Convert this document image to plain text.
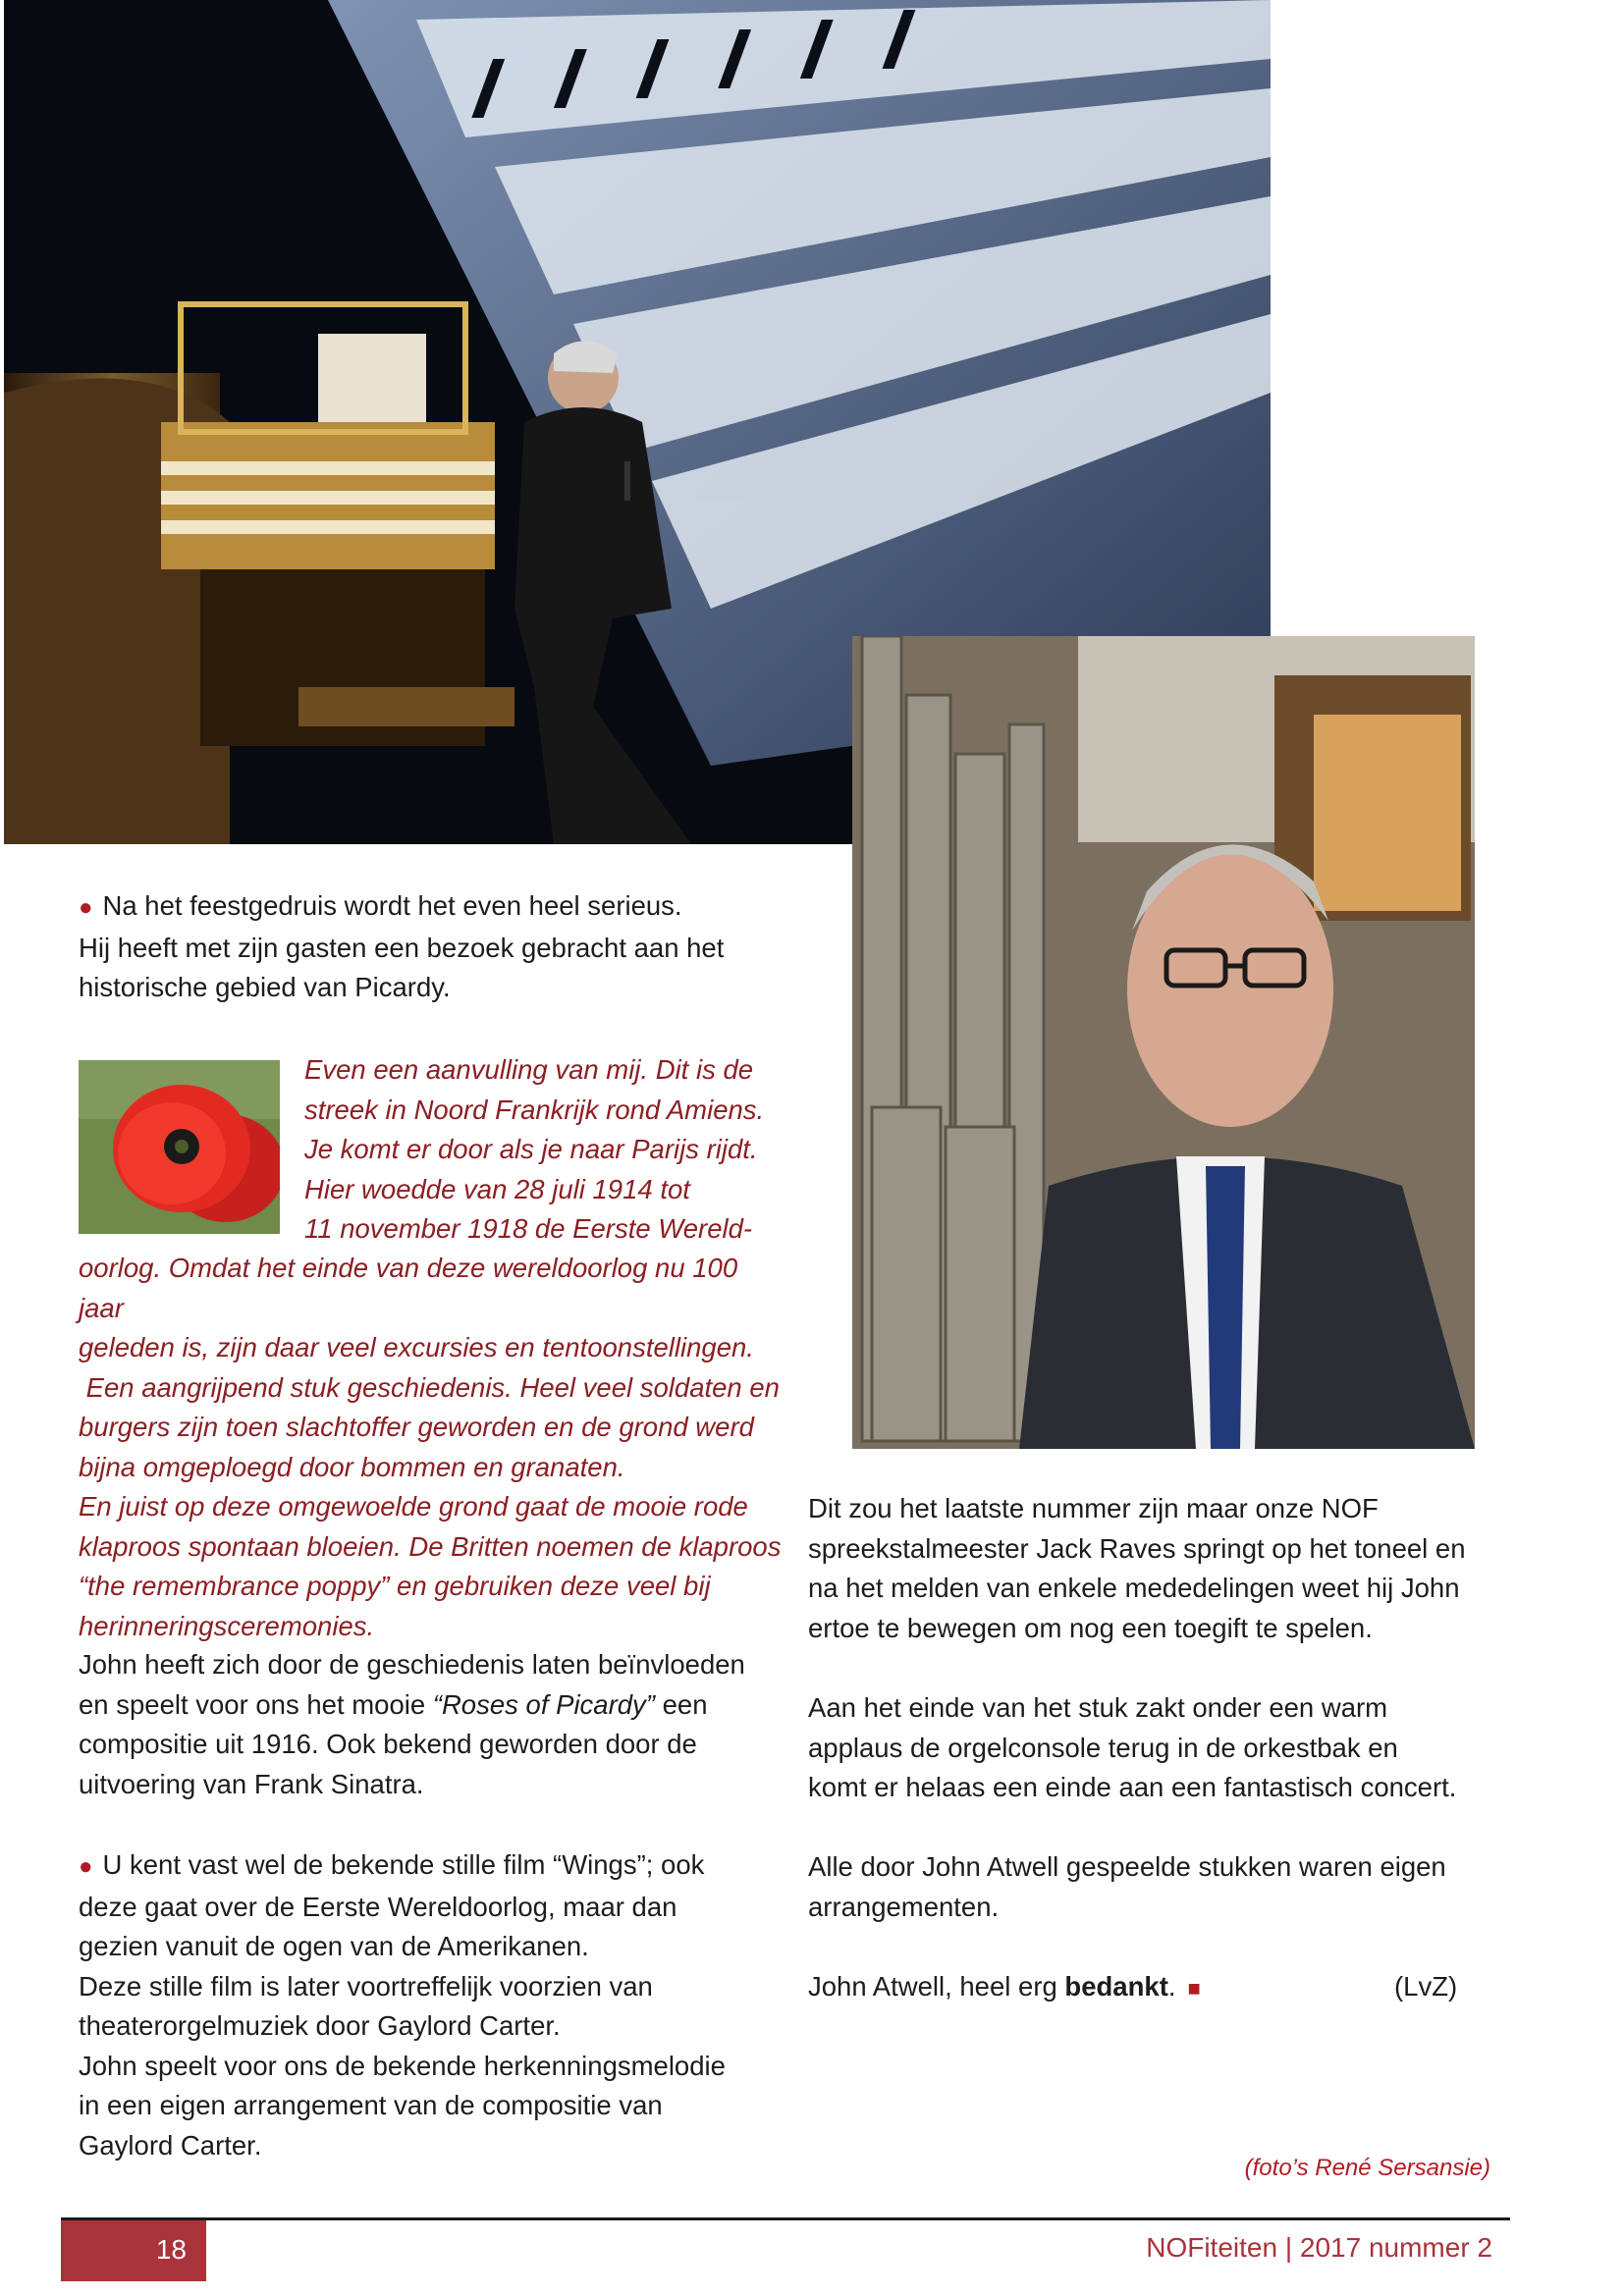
● Na het feestgedruis wordt het even heel serieus.
Hij heeft met zijn gasten een bezoek gebracht aan het
historische gebied van Picardy.
Even een aanvulling van mij. Dit is de
streek in Noord Frankrijk rond Amiens.
Je komt er door als je naar Parijs rijdt.
Hier woedde van 28 juli 1914 tot
11 november 1918 de Eerste Wereld-
oorlog. Omdat het einde van deze wereldoorlog nu 100 jaar
geleden is, zijn daar veel excursies en tentoonstellingen.
Een aangrijpend stuk geschiedenis. Heel veel soldaten en
burgers zijn toen slachtoffer geworden en de grond werd
bijna omgeploegd door bommen en granaten.
En juist op deze omgewoelde grond gaat de mooie rode
klaproos spontaan bloeien. De Britten noemen de klaproos
“the remembrance poppy” en gebruiken deze veel bij
herinneringsceremonies.
John heeft zich door de geschiedenis laten beïnvloeden
en speelt voor ons het mooie “Roses of Picardy” een
compositie uit 1916. Ook bekend geworden door de
uitvoering van Frank Sinatra.
● U kent vast wel de bekende stille film “Wings”; ook
deze gaat over de Eerste Wereldoorlog, maar dan
gezien vanuit de ogen van de Amerikanen.
Deze stille film is later voortreffelijk voorzien van
theaterorgelmuziek door Gaylord Carter.
John speelt voor ons de bekende herkenningsmelodie
in een eigen arrangement van de compositie van
Gaylord Carter.
Dit zou het laatste nummer zijn maar onze NOF
spreekstalmeester Jack Raves springt op het toneel en
na het melden van enkele mededelingen weet hij John
ertoe te bewegen om nog een toegift te spelen.
Aan het einde van het stuk zakt onder een warm
applaus de orgelconsole terug in de orkestbak en
komt er helaas een einde aan een fantastisch concert.
Alle door John Atwell gespeelde stukken waren eigen
arrangementen.
John Atwell, heel erg bedankt. ■	(LvZ)
(foto’s René Sersansie)
18	NOFiteiten | 2017 nummer 2
